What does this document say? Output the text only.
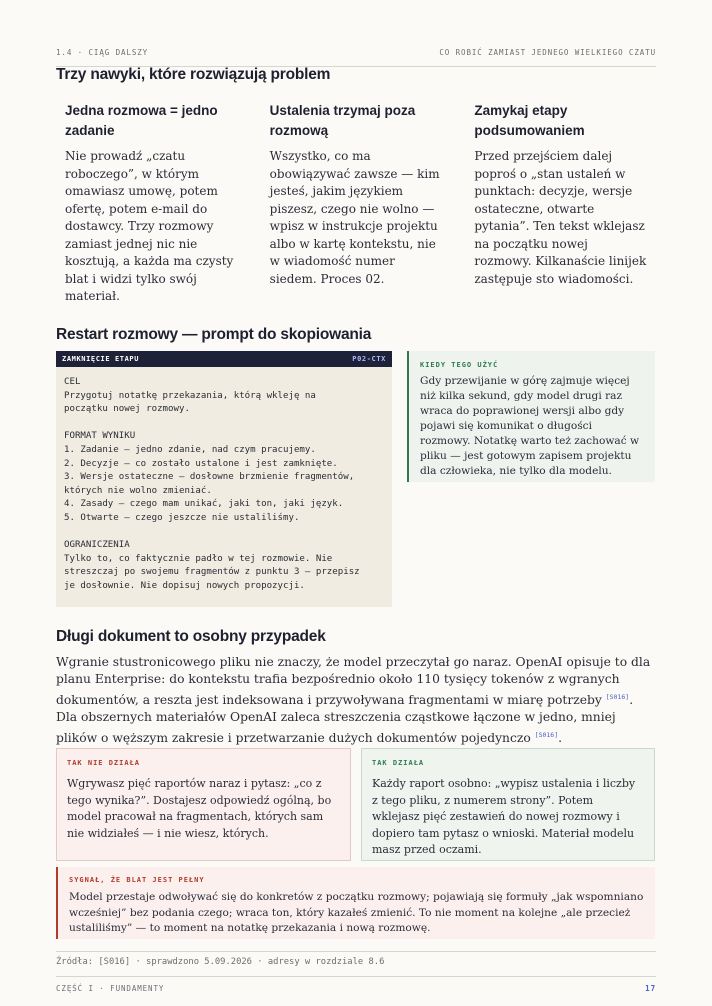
1.4 · CIĄG DALSZY	CO ROBIĆ ZAMIAST JEDNEGO WIELKIEGO CZATU
Trzy nawyki, które rozwiązują problem
Jedna rozmowa = jedno zadanie

Nie prowadź „czatu roboczego”, w którym omawiasz umowę, potem ofertę, potem e-mail do dostawcy. Trzy rozmowy zamiast jednej nic nie kosztują, a każda ma czysty blat i widzi tylko swój materiał.

Ustalenia trzymaj poza rozmową

Wszystko, co ma obowiązywać zawsze — kim jesteś, jakim językiem piszesz, czego nie wolno — wpisz w instrukcje projektu albo w kartę kontekstu, nie w wiadomość numer siedem. Proces 02.

Zamykaj etapy podsumowaniem

Przed przejściem dalej poproś o „stan ustaleń w punktach: decyzje, wersje ostateczne, otwarte pytania”. Ten tekst wklejasz na początku nowej rozmowy. Kilkanaście linijek zastępuje sto wiadomości.

Restart rozmowy — prompt do skopiowania
ZAMKNIĘCIE ETAPU	P02-CTX
CEL
Przygotuj notatkę przekazania, którą wkleję na
początku nowej rozmowy.
FORMAT WYNIKU
1. Zadanie — jedno zdanie, nad czym pracujemy.
2. Decyzje — co zostało ustalone i jest zamknięte.
3. Wersje ostateczne — dosłowne brzmienie fragmentów,
których nie wolno zmieniać.
4. Zasady — czego mam unikać, jaki ton, jaki język.
5. Otwarte — czego jeszcze nie ustaliliśmy.
OGRANICZENIA
Tylko to, co faktycznie padło w tej rozmowie. Nie
streszczaj po swojemu fragmentów z punktu 3 — przepisz
je dosłownie. Nie dopisuj nowych propozycji.
KIEDY TEGO UŻYĆ

Gdy przewijanie w górę zajmuje więcej niż kilka sekund, gdy model drugi raz wraca do poprawionej wersji albo gdy pojawi się komunikat o długości rozmowy. Notatkę warto też zachować w pliku — jest gotowym zapisem projektu dla człowieka, nie tylko dla modelu.

Długi dokument to osobny przypadek
Wgranie stustronicowego pliku nie znaczy, że model przeczytał go naraz. OpenAI opisuje to dla planu Enterprise: do kontekstu trafia bezpośrednio około 110 tysięcy tokenów z wgranych dokumentów, a reszta jest indeksowana i przywoływana fragmentami w miarę potrzeby [S016]. Dla obszernych materiałów OpenAI zaleca streszczenia cząstkowe łączone w jedno, mniej plików o węższym zakresie i przetwarzanie dużych dokumentów pojedynczo [S016].
TAK NIE DZIAŁA

Wgrywasz pięć raportów naraz i pytasz: „co z tego wynika?”. Dostajesz odpowiedź ogólną, bo model pracował na fragmentach, których sam nie widziałeś — i nie wiesz, których.

TAK DZIAŁA

Każdy raport osobno: „wypisz ustalenia i liczby z tego pliku, z numerem strony”. Potem wklejasz pięć zestawień do nowej rozmowy i dopiero tam pytasz o wnioski. Materiał modelu masz przed oczami.

SYGNAŁ, ŻE BLAT JEST PEŁNY

Model przestaje odwoływać się do konkretów z początku rozmowy; pojawiają się formuły „jak wspomniano wcześniej” bez podania czego; wraca ton, który kazałeś zmienić. To nie moment na kolejne „ale przecież ustaliliśmy” — to moment na notatkę przekazania i nową rozmowę.

Źródła: [S016] · sprawdzono 5.09.2026 · adresy w rozdziale 8.6
CZĘŚĆ I · FUNDAMENTY	17
